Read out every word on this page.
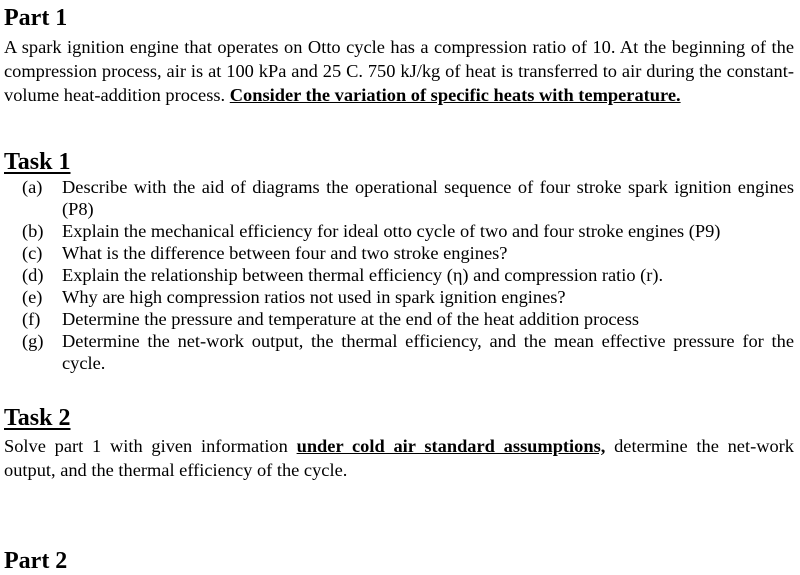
Part 1
A spark ignition engine that operates on Otto cycle has a compression ratio of 10. At the beginning of the compression process, air is at 100 kPa and 25 C. 750 kJ/kg of heat is transferred to air during the constant-volume heat-addition process. Consider the variation of specific heats with temperature.
Task 1
(a)	Describe with the aid of diagrams the operational sequence of four stroke spark ignition engines (P8)
(b)	Explain the mechanical efficiency for ideal otto cycle of two and four stroke engines (P9)
(c)	What is the difference between four and two stroke engines?
(d)	Explain the relationship between thermal efficiency (η) and compression ratio (r).
(e)	Why are high compression ratios not used in spark ignition engines?
(f)	Determine the pressure and temperature at the end of the heat addition process
(g)	Determine the net-work output, the thermal efficiency, and the mean effective pressure for the cycle.
Task 2
Solve part 1 with given information under cold air standard assumptions, determine the net-work output, and the thermal efficiency of the cycle.
Part 2
